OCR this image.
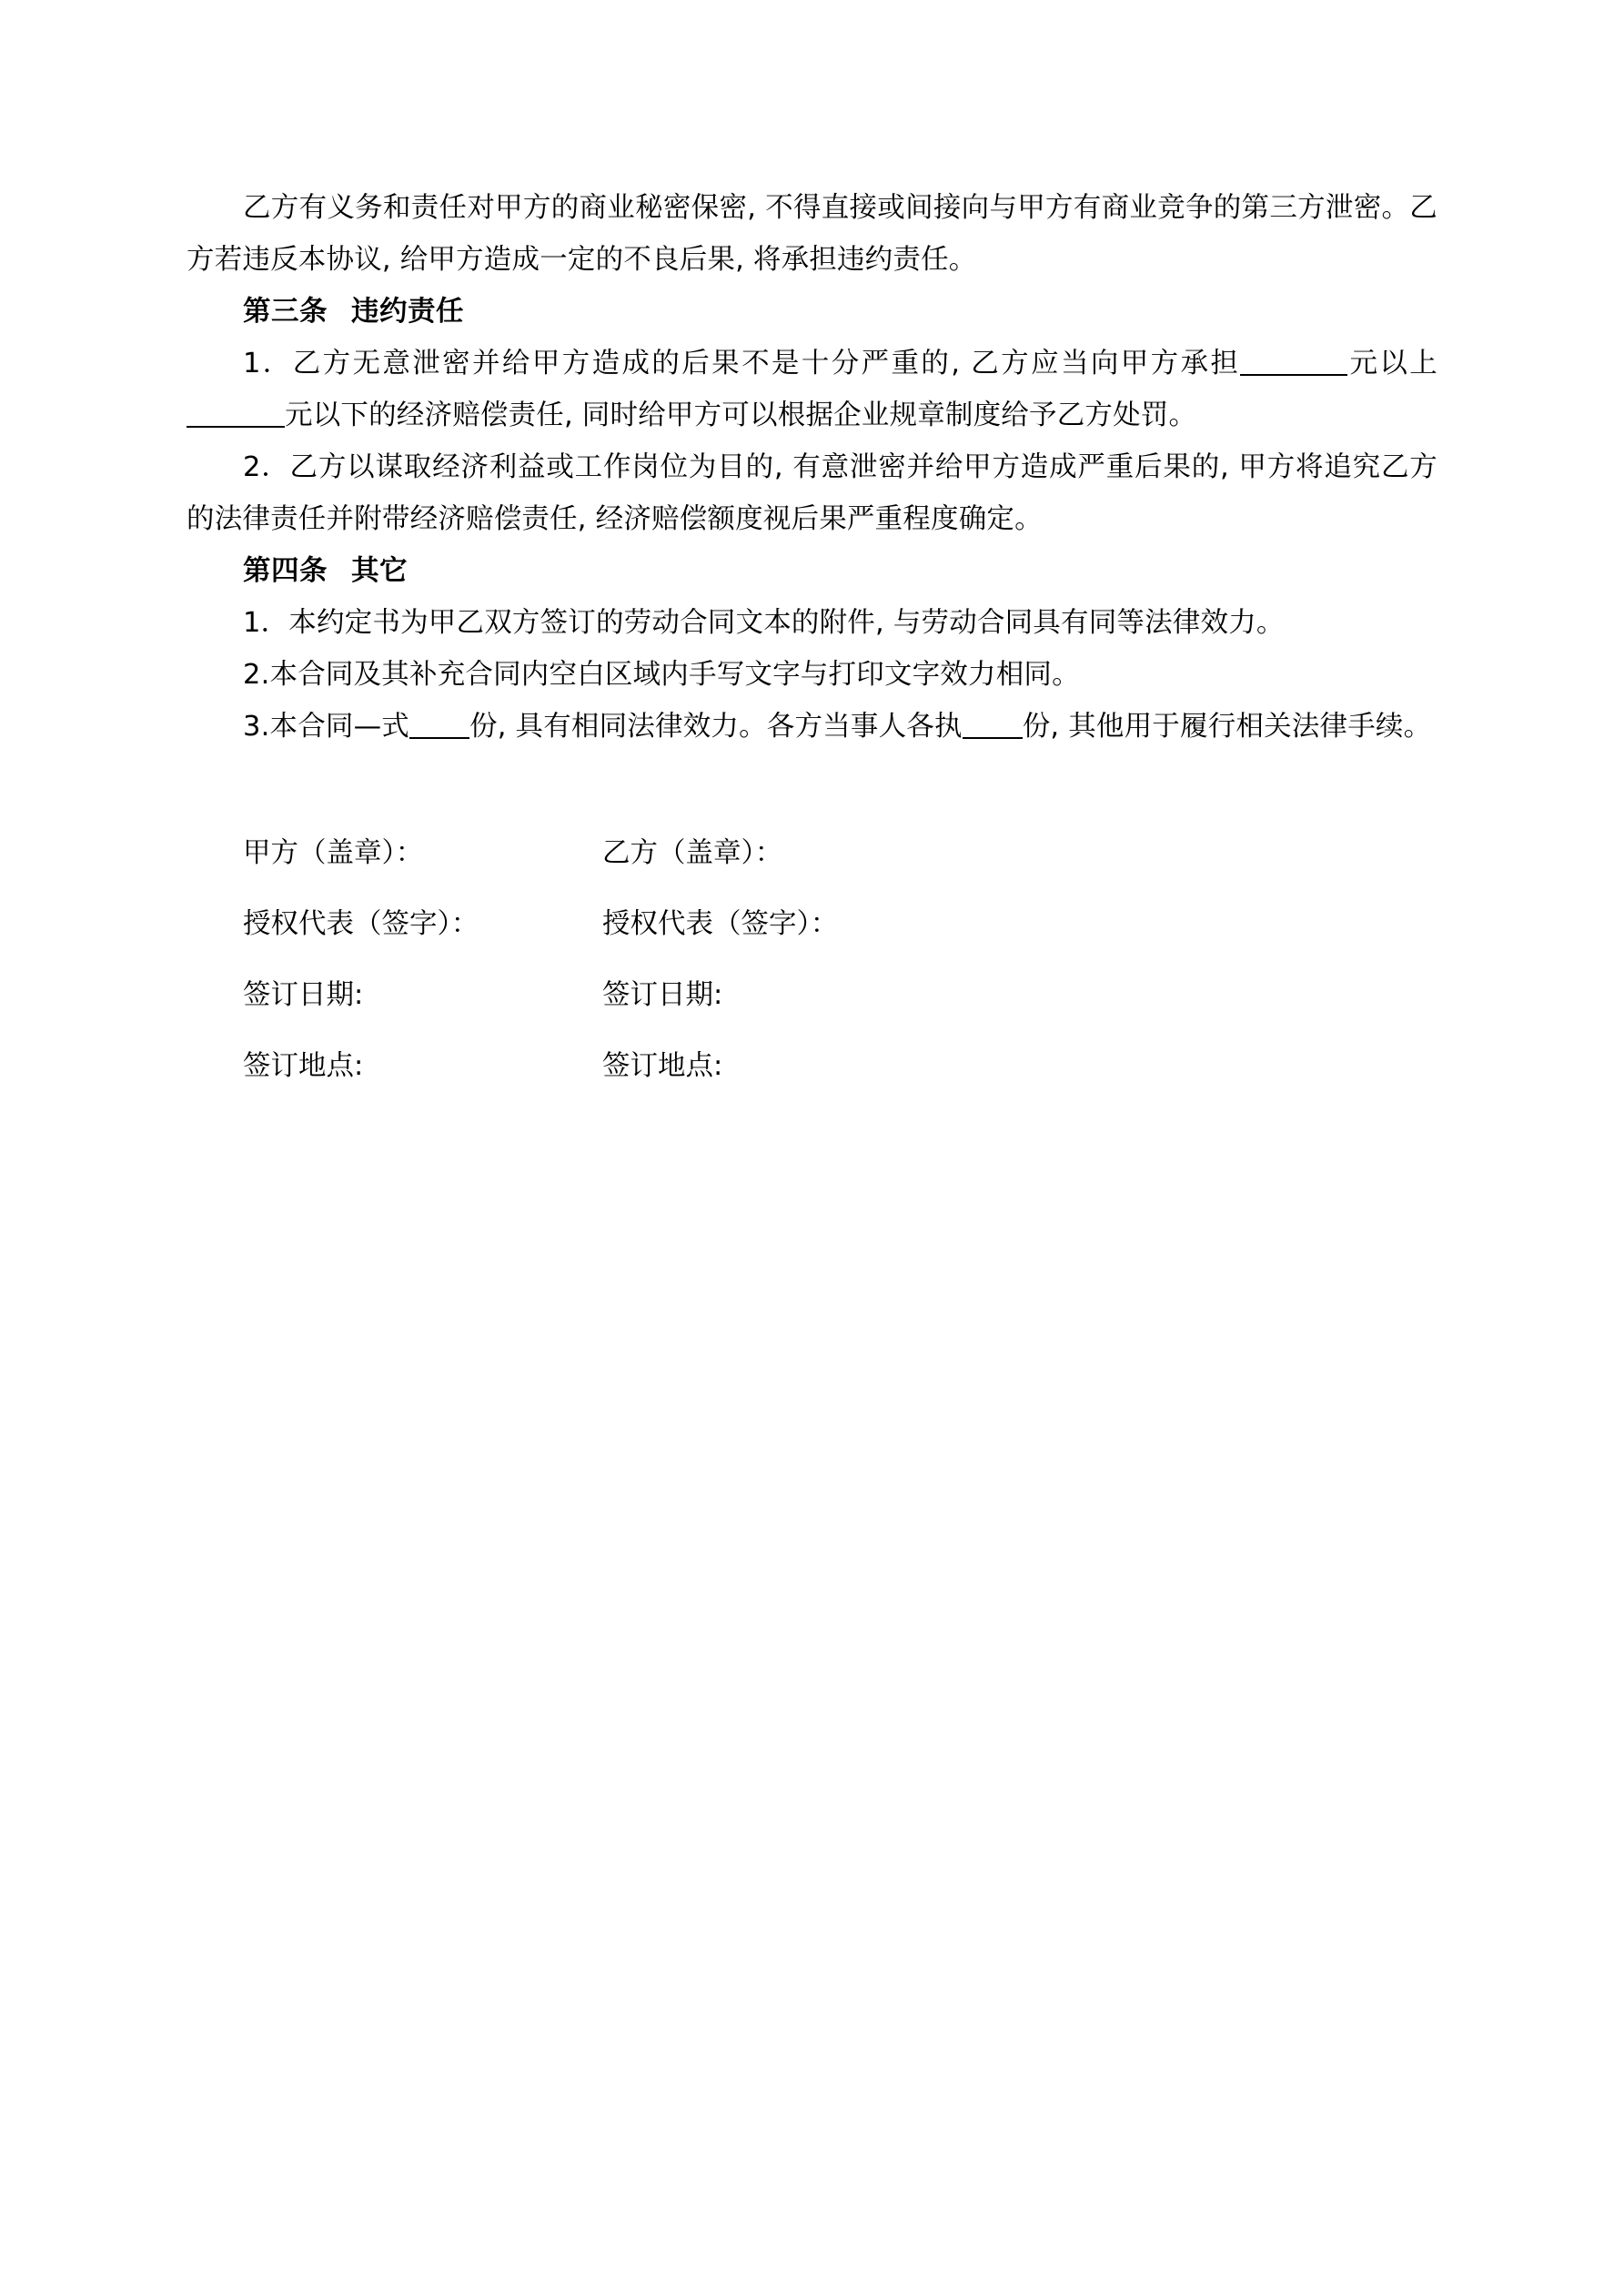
乙方有义务和责任对甲方的商业秘密保密, 不得直接或间接向与甲方有商业竞争的第三方泄密。乙方若违反本协议, 给甲方造成一定的不良后果, 将承担违约责任。

第三条 违约责任

1．乙方无意泄密并给甲方造成的后果不是十分严重的, 乙方应当向甲方承担	元以上元以下的经济赔偿责任, 同时给甲方可以根据企业规章制度给予乙方处罚。

2．乙方以谋取经济利益或工作岗位为目的, 有意泄密并给甲方造成严重后果的, 甲方将追究乙方的法律责任并附带经济赔偿责任, 经济赔偿额度视后果严重程度确定。

第四条 其它

1．本约定书为甲乙双方签订的劳动合同文本的附件, 与劳动合同具有同等法律效力。

2.本合同及其补充合同内空白区域内手写文字与打印文字效力相同。

3.本合同—式 份, 具有相同法律效力。各方当事人各执 份, 其他用于履行相关法律手续。

甲方（盖章）：	乙方（盖章）：
授权代表（签字）：	授权代表（签字）：
签订日期:	签订日期:
签订地点:	签订地点:
